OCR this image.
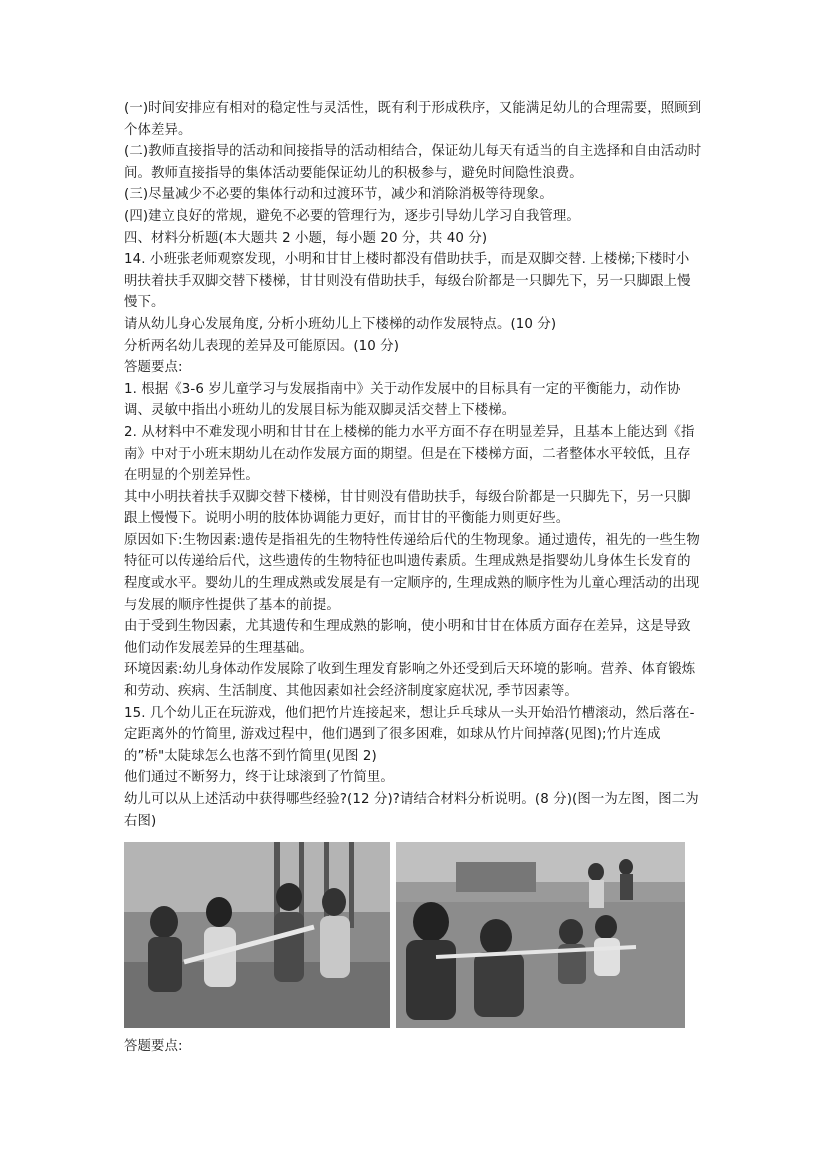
(一)时间安排应有相对的稳定性与灵活性，既有利于形成秩序，又能满足幼儿的合理需要，照顾到个体差异。

(二)教师直接指导的活动和间接指导的活动相结合，保证幼儿每天有适当的自主选择和自由活动时间。教师直接指导的集体活动要能保证幼儿的积极参与，避免时间隐性浪费。

(三)尽量减少不必要的集体行动和过渡环节，减少和消除消极等待现象。

(四)建立良好的常规，避免不必要的管理行为，逐步引导幼儿学习自我管理。

四、材料分析题(本大题共 2 小题，每小题 20 分，共 40 分)

14. 小班张老师观察发现，小明和甘甘上楼时都没有借助扶手，而是双脚交替. 上楼梯;下楼时小明扶着扶手双脚交替下楼梯，甘甘则没有借助扶手，每级台阶都是一只脚先下，另一只脚跟上慢慢下。

请从幼儿身心发展角度, 分析小班幼儿上下楼梯的动作发展特点。(10 分)

分析两名幼儿表现的差异及可能原因。(10 分)

答题要点:

1. 根据《3-6 岁儿童学习与发展指南中》关于动作发展中的目标具有一定的平衡能力，动作协调、灵敏中指出小班幼儿的发展目标为能双脚灵活交替上下楼梯。

2. 从材料中不难发现小明和甘甘在上楼梯的能力水平方面不存在明显差异，且基本上能达到《指南》中对于小班末期幼儿在动作发展方面的期望。但是在下楼梯方面，二者整体水平较低，且存在明显的个别差异性。

其中小明扶着扶手双脚交替下楼梯，甘甘则没有借助扶手，每级台阶都是一只脚先下，另一只脚跟上慢慢下。说明小明的肢体协调能力更好，而甘甘的平衡能力则更好些。

原因如下:生物因素:遗传是指祖先的生物特性传递给后代的生物现象。通过遗传，祖先的一些生物特征可以传递给后代，这些遗传的生物特征也叫遗传素质。生理成熟是指婴幼儿身体生长发育的程度或水平。婴幼儿的生理成熟或发展是有一定顺序的, 生理成熟的顺序性为儿童心理活动的出现与发展的顺序性提供了基本的前提。

由于受到生物因素，尤其遗传和生理成熟的影响，使小明和甘甘在体质方面存在差异，这是导致他们动作发展差异的生理基础。

环境因素:幼儿身体动作发展除了收到生理发育影响之外还受到后天环境的影响。营养、体育锻炼和劳动、疾病、生活制度、其他因素如社会经济制度家庭状况, 季节因素等。

15. 几个幼儿正在玩游戏，他们把竹片连接起来，想让乒乓球从一头开始沿竹槽滚动，然后落在-定距离外的竹简里, 游戏过程中，他们遇到了很多困难，如球从竹片间掉落(见图);竹片连成的”桥"太陡球怎么也落不到竹简里(见图 2)

他们通过不断努力，终于让球滚到了竹简里。

幼儿可以从上述活动中获得哪些经验?(12 分)?请结合材料分析说明。(8 分)(图一为左图，图二为右图)

答题要点:
